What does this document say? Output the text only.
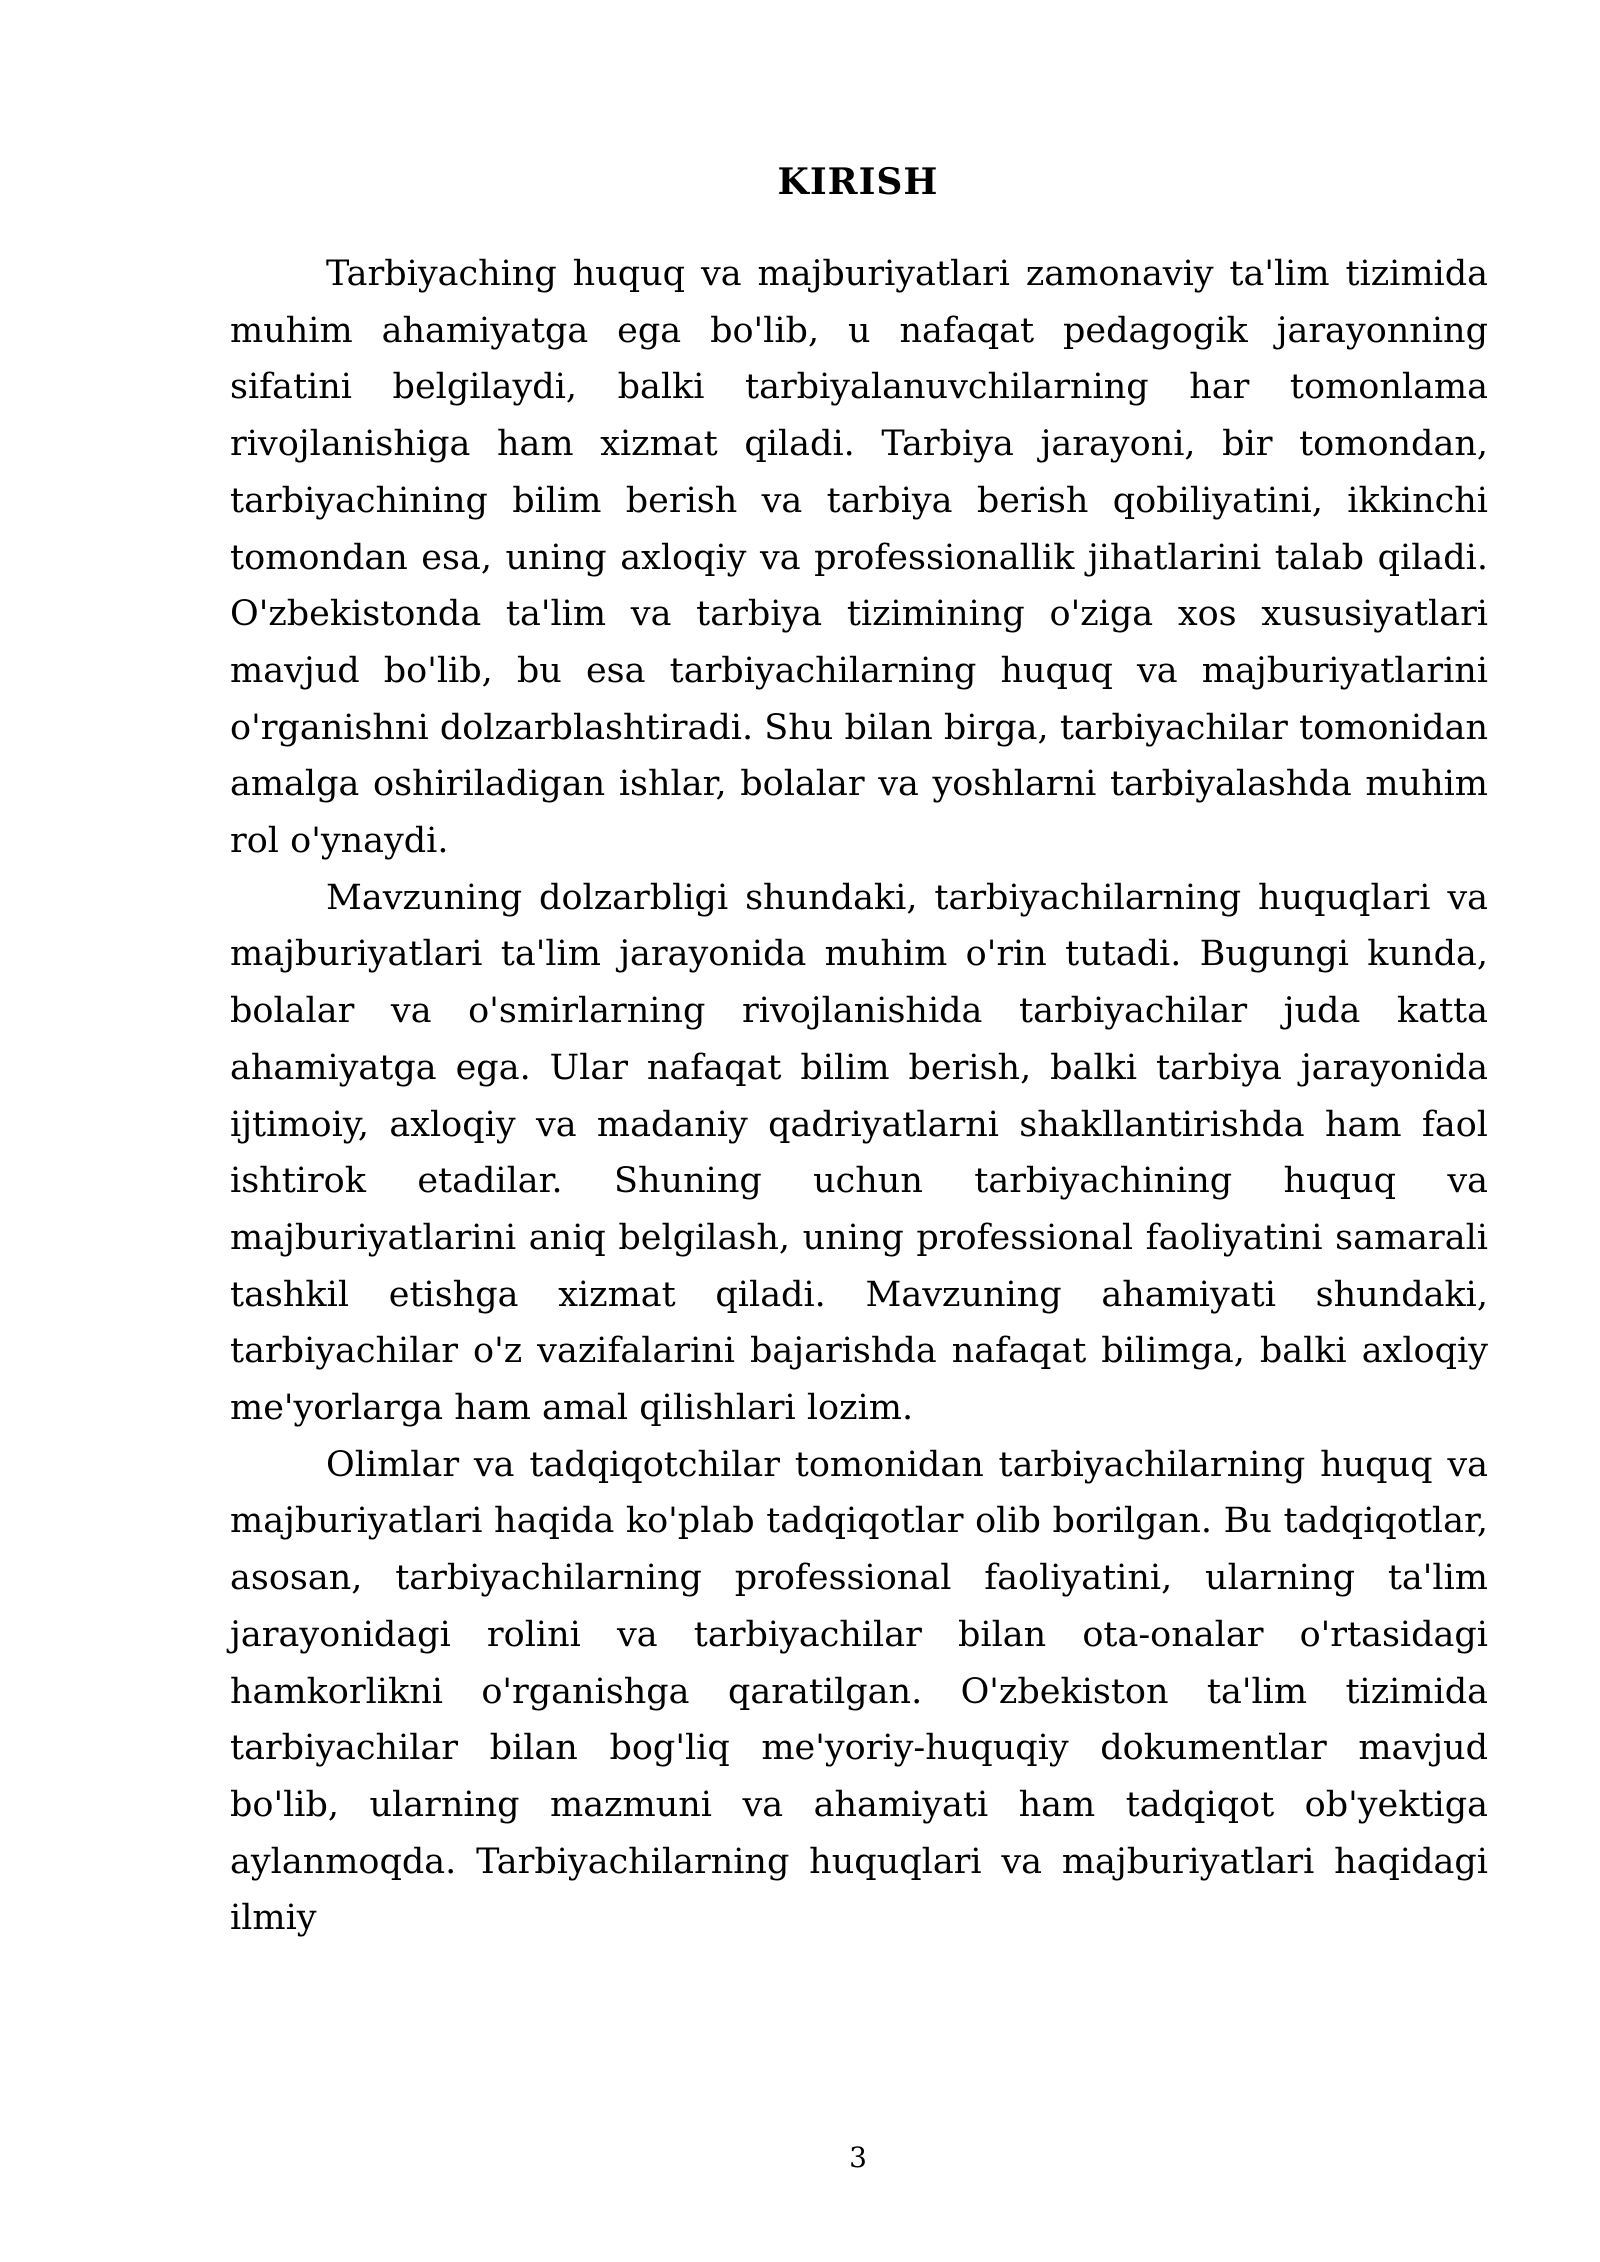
KIRISH

Tarbiyaching huquq va majburiyatlari zamonaviy ta'lim tizimida muhim ahamiyatga ega bo'lib, u nafaqat pedagogik jarayonning sifatini belgilaydi, balki tarbiyalanuvchilarning har tomonlama rivojlanishiga ham xizmat qiladi. Tarbiya jarayoni, bir tomondan, tarbiyachining bilim berish va tarbiya berish qobiliyatini, ikkinchi tomondan esa, uning axloqiy va professionallik jihatlarini talab qiladi. O'zbekistonda ta'lim va tarbiya tizimining o'ziga xos xususiyatlari mavjud bo'lib, bu esa tarbiyachilarning huquq va majburiyatlarini o'rganishni dolzarblashtiradi. Shu bilan birga, tarbiyachilar tomonidan amalga oshiriladigan ishlar, bolalar va yoshlarni tarbiyalashda muhim rol o'ynaydi.

Mavzuning dolzarbligi shundaki, tarbiyachilarning huquqlari va majburiyatlari ta'lim jarayonida muhim o'rin tutadi. Bugungi kunda, bolalar va o'smirlarning rivojlanishida tarbiyachilar juda katta ahamiyatga ega. Ular nafaqat bilim berish, balki tarbiya jarayonida ijtimoiy, axloqiy va madaniy qadriyatlarni shakllantirishda ham faol ishtirok etadilar. Shuning uchun tarbiyachining huquq va majburiyatlarini aniq belgilash, uning professional faoliyatini samarali tashkil etishga xizmat qiladi. Mavzuning ahamiyati shundaki, tarbiyachilar o'z vazifalarini bajarishda nafaqat bilimga, balki axloqiy me'yorlarga ham amal qilishlari lozim.

Olimlar va tadqiqotchilar tomonidan tarbiyachilarning huquq va majburiyatlari haqida ko'plab tadqiqotlar olib borilgan. Bu tadqiqotlar, asosan, tarbiyachilarning professional faoliyatini, ularning ta'lim jarayonidagi rolini va tarbiyachilar bilan ota-onalar o'rtasidagi hamkorlikni o'rganishga qaratilgan. O'zbekiston ta'lim tizimida tarbiyachilar bilan bog'liq me'yoriy-huquqiy dokumentlar mavjud bo'lib, ularning mazmuni va ahamiyati ham tadqiqot ob'yektiga aylanmoqda. Tarbiyachilarning huquqlari va majburiyatlari haqidagi ilmiy

3
